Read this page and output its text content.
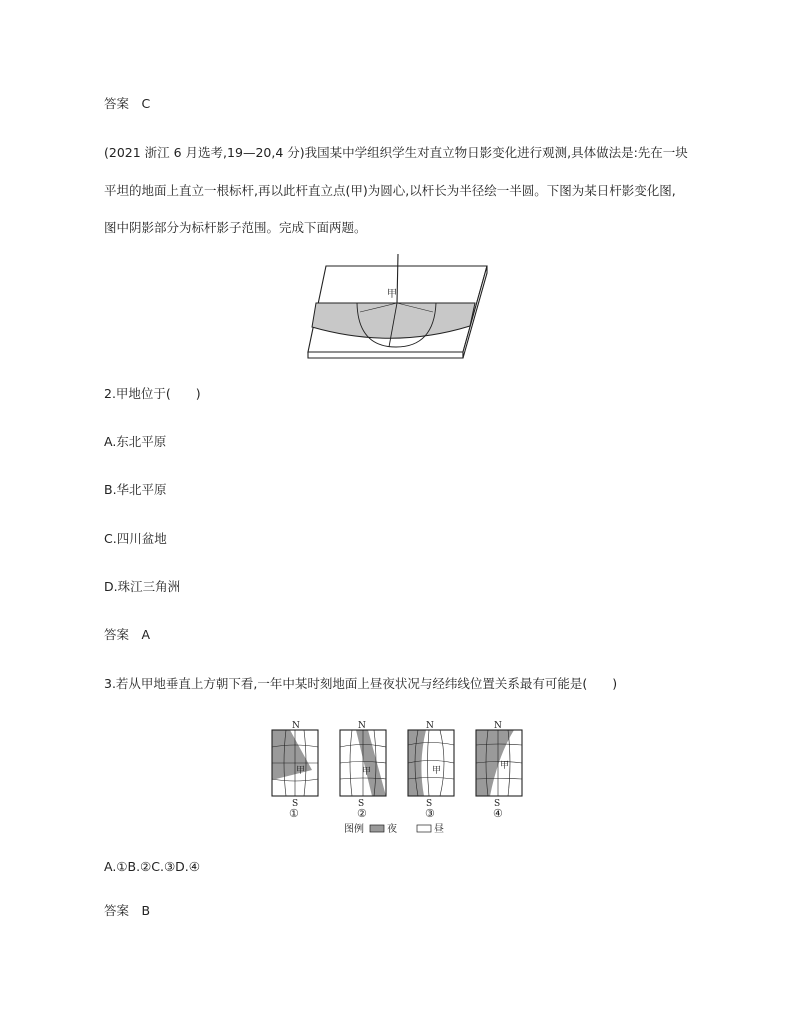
答案　C
(2021 浙江 6 月选考,19—20,4 分)我国某中学组织学生对直立物日影变化进行观测,具体做法是:先在一块
平坦的地面上直立一根标杆,再以此杆直立点(甲)为圆心,以杆长为半径绘一半圆。下图为某日杆影变化图,
图中阴影部分为标杆影子范围。完成下面两题。
甲
2.甲地位于(　　)
A.东北平原
B.华北平原
C.四川盆地
D.珠江三角洲
答案　A
3.若从甲地垂直上方朝下看,一年中某时刻地面上昼夜状况与经纬线位置关系最有可能是(　　)
N
S
甲
①
N
S
甲
②
N
S
甲
③
N
S
甲
④
图例 夜	昼
A.①B.②C.③D.④
答案　B
